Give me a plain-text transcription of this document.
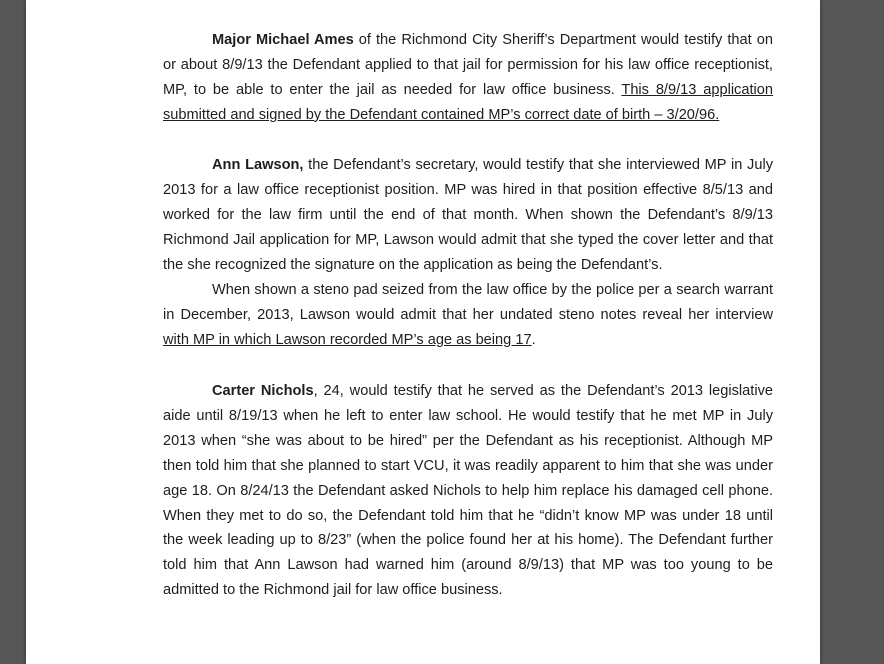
Major Michael Ames of the Richmond City Sheriff’s Department would testify that on or about 8/9/13 the Defendant applied to that jail for permission for his law office receptionist, MP, to be able to enter the jail as needed for law office business. This 8/9/13 application submitted and signed by the Defendant contained MP’s correct date of birth – 3/20/96.

Ann Lawson, the Defendant’s secretary, would testify that she interviewed MP in July 2013 for a law office receptionist position. MP was hired in that position effective 8/5/13 and worked for the law firm until the end of that month. When shown the Defendant’s 8/9/13 Richmond Jail application for MP, Lawson would admit that she typed the cover letter and that the she recognized the signature on the application as being the Defendant’s.

When shown a steno pad seized from the law office by the police per a search warrant in December, 2013, Lawson would admit that her undated steno notes reveal her interview with MP in which Lawson recorded MP’s age as being 17.

Carter Nichols, 24, would testify that he served as the Defendant’s 2013 legislative aide until 8/19/13 when he left to enter law school. He would testify that he met MP in July 2013 when “she was about to be hired” per the Defendant as his receptionist. Although MP then told him that she planned to start VCU, it was readily apparent to him that she was under age 18. On 8/24/13 the Defendant asked Nichols to help him replace his damaged cell phone. When they met to do so, the Defendant told him that he “didn’t know MP was under 18 until the week leading up to 8/23” (when the police found her at his home). The Defendant further told him that Ann Lawson had warned him (around 8/9/13) that MP was too young to be admitted to the Richmond jail for law office business.
